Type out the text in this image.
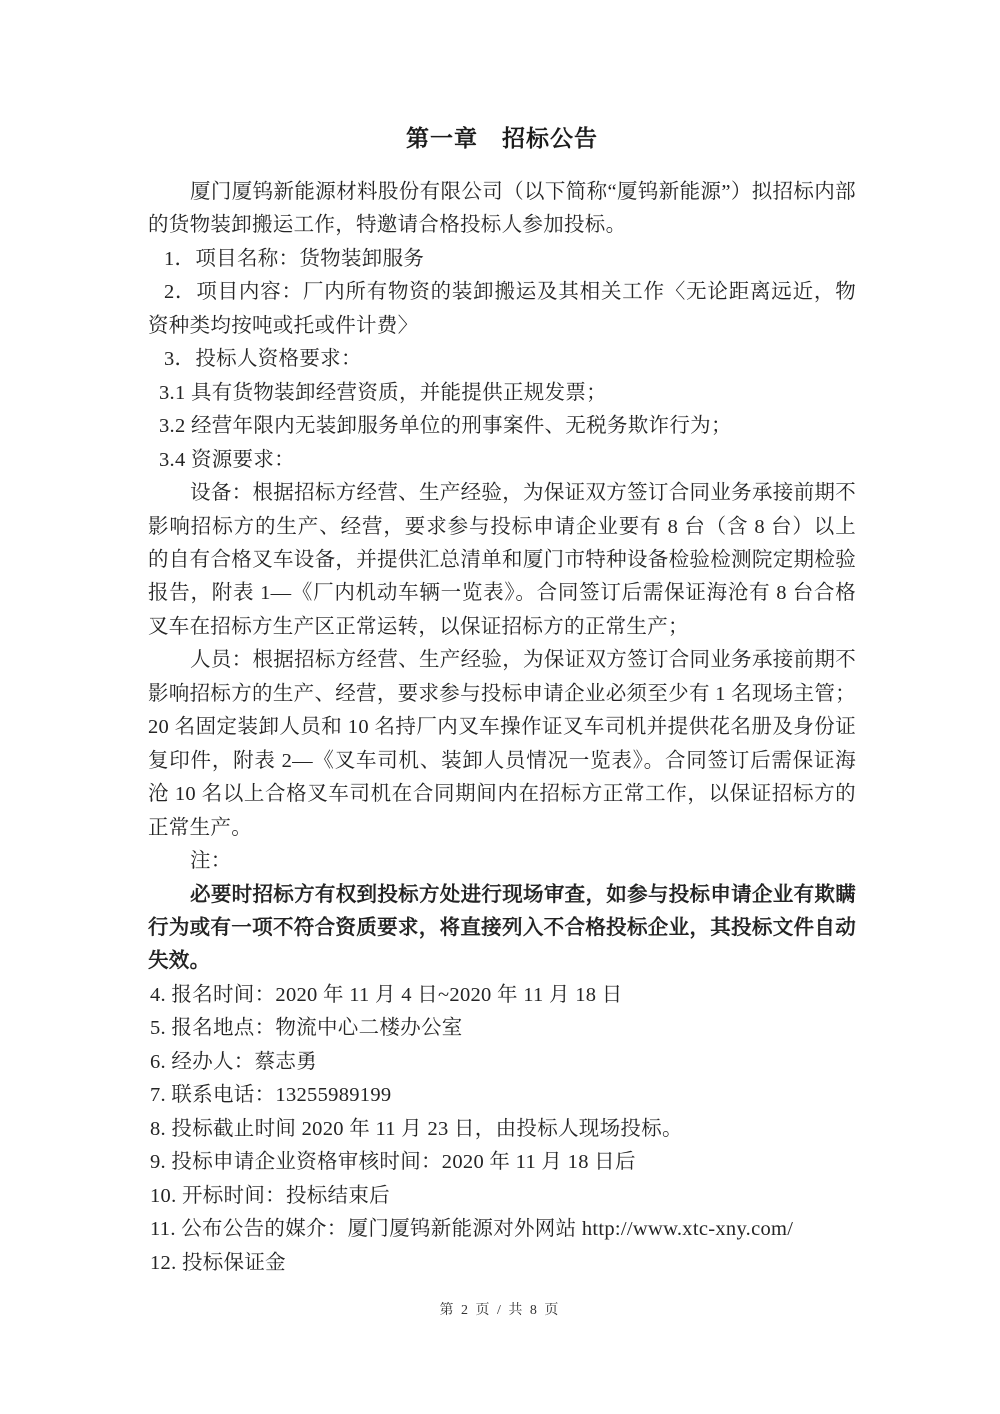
第一章　招标公告

厦门厦钨新能源材料股份有限公司（以下简称“厦钨新能源”）拟招标内部的货物装卸搬运工作，特邀请合格投标人参加投标。

1．项目名称：货物装卸服务

2．项目内容：厂内所有物资的装卸搬运及其相关工作〈无论距离远近，物资种类均按吨或托或件计费〉

3．投标人资格要求：

3.1 具有货物装卸经营资质，并能提供正规发票；

3.2 经营年限内无装卸服务单位的刑事案件、无税务欺诈行为；

3.4 资源要求：

设备：根据招标方经营、生产经验，为保证双方签订合同业务承接前期不影响招标方的生产、经营，要求参与投标申请企业要有 8 台（含 8 台）以上的自有合格叉车设备，并提供汇总清单和厦门市特种设备检验检测院定期检验报告，附表 1—《厂内机动车辆一览表》。合同签订后需保证海沧有 8 台合格叉车在招标方生产区正常运转，以保证招标方的正常生产；

人员：根据招标方经营、生产经验，为保证双方签订合同业务承接前期不影响招标方的生产、经营，要求参与投标申请企业必须至少有 1 名现场主管；20 名固定装卸人员和 10 名持厂内叉车操作证叉车司机并提供花名册及身份证复印件，附表 2—《叉车司机、装卸人员情况一览表》。合同签订后需保证海沧 10 名以上合格叉车司机在合同期间内在招标方正常工作，以保证招标方的正常生产。

注：

必要时招标方有权到投标方处进行现场审查，如参与投标申请企业有欺瞒行为或有一项不符合资质要求，将直接列入不合格投标企业，其投标文件自动失效。

4. 报名时间：2020 年 11 月 4 日~2020 年 11 月 18 日

5. 报名地点：物流中心二楼办公室

6. 经办人：蔡志勇

7. 联系电话：13255989199

8. 投标截止时间 2020 年 11 月 23 日，由投标人现场投标。

9. 投标申请企业资格审核时间：2020 年 11 月 18 日后

10. 开标时间：投标结束后

11. 公布公告的媒介：厦门厦钨新能源对外网站 http://www.xtc-xny.com/

12. 投标保证金

第 2 页 / 共 8 页
